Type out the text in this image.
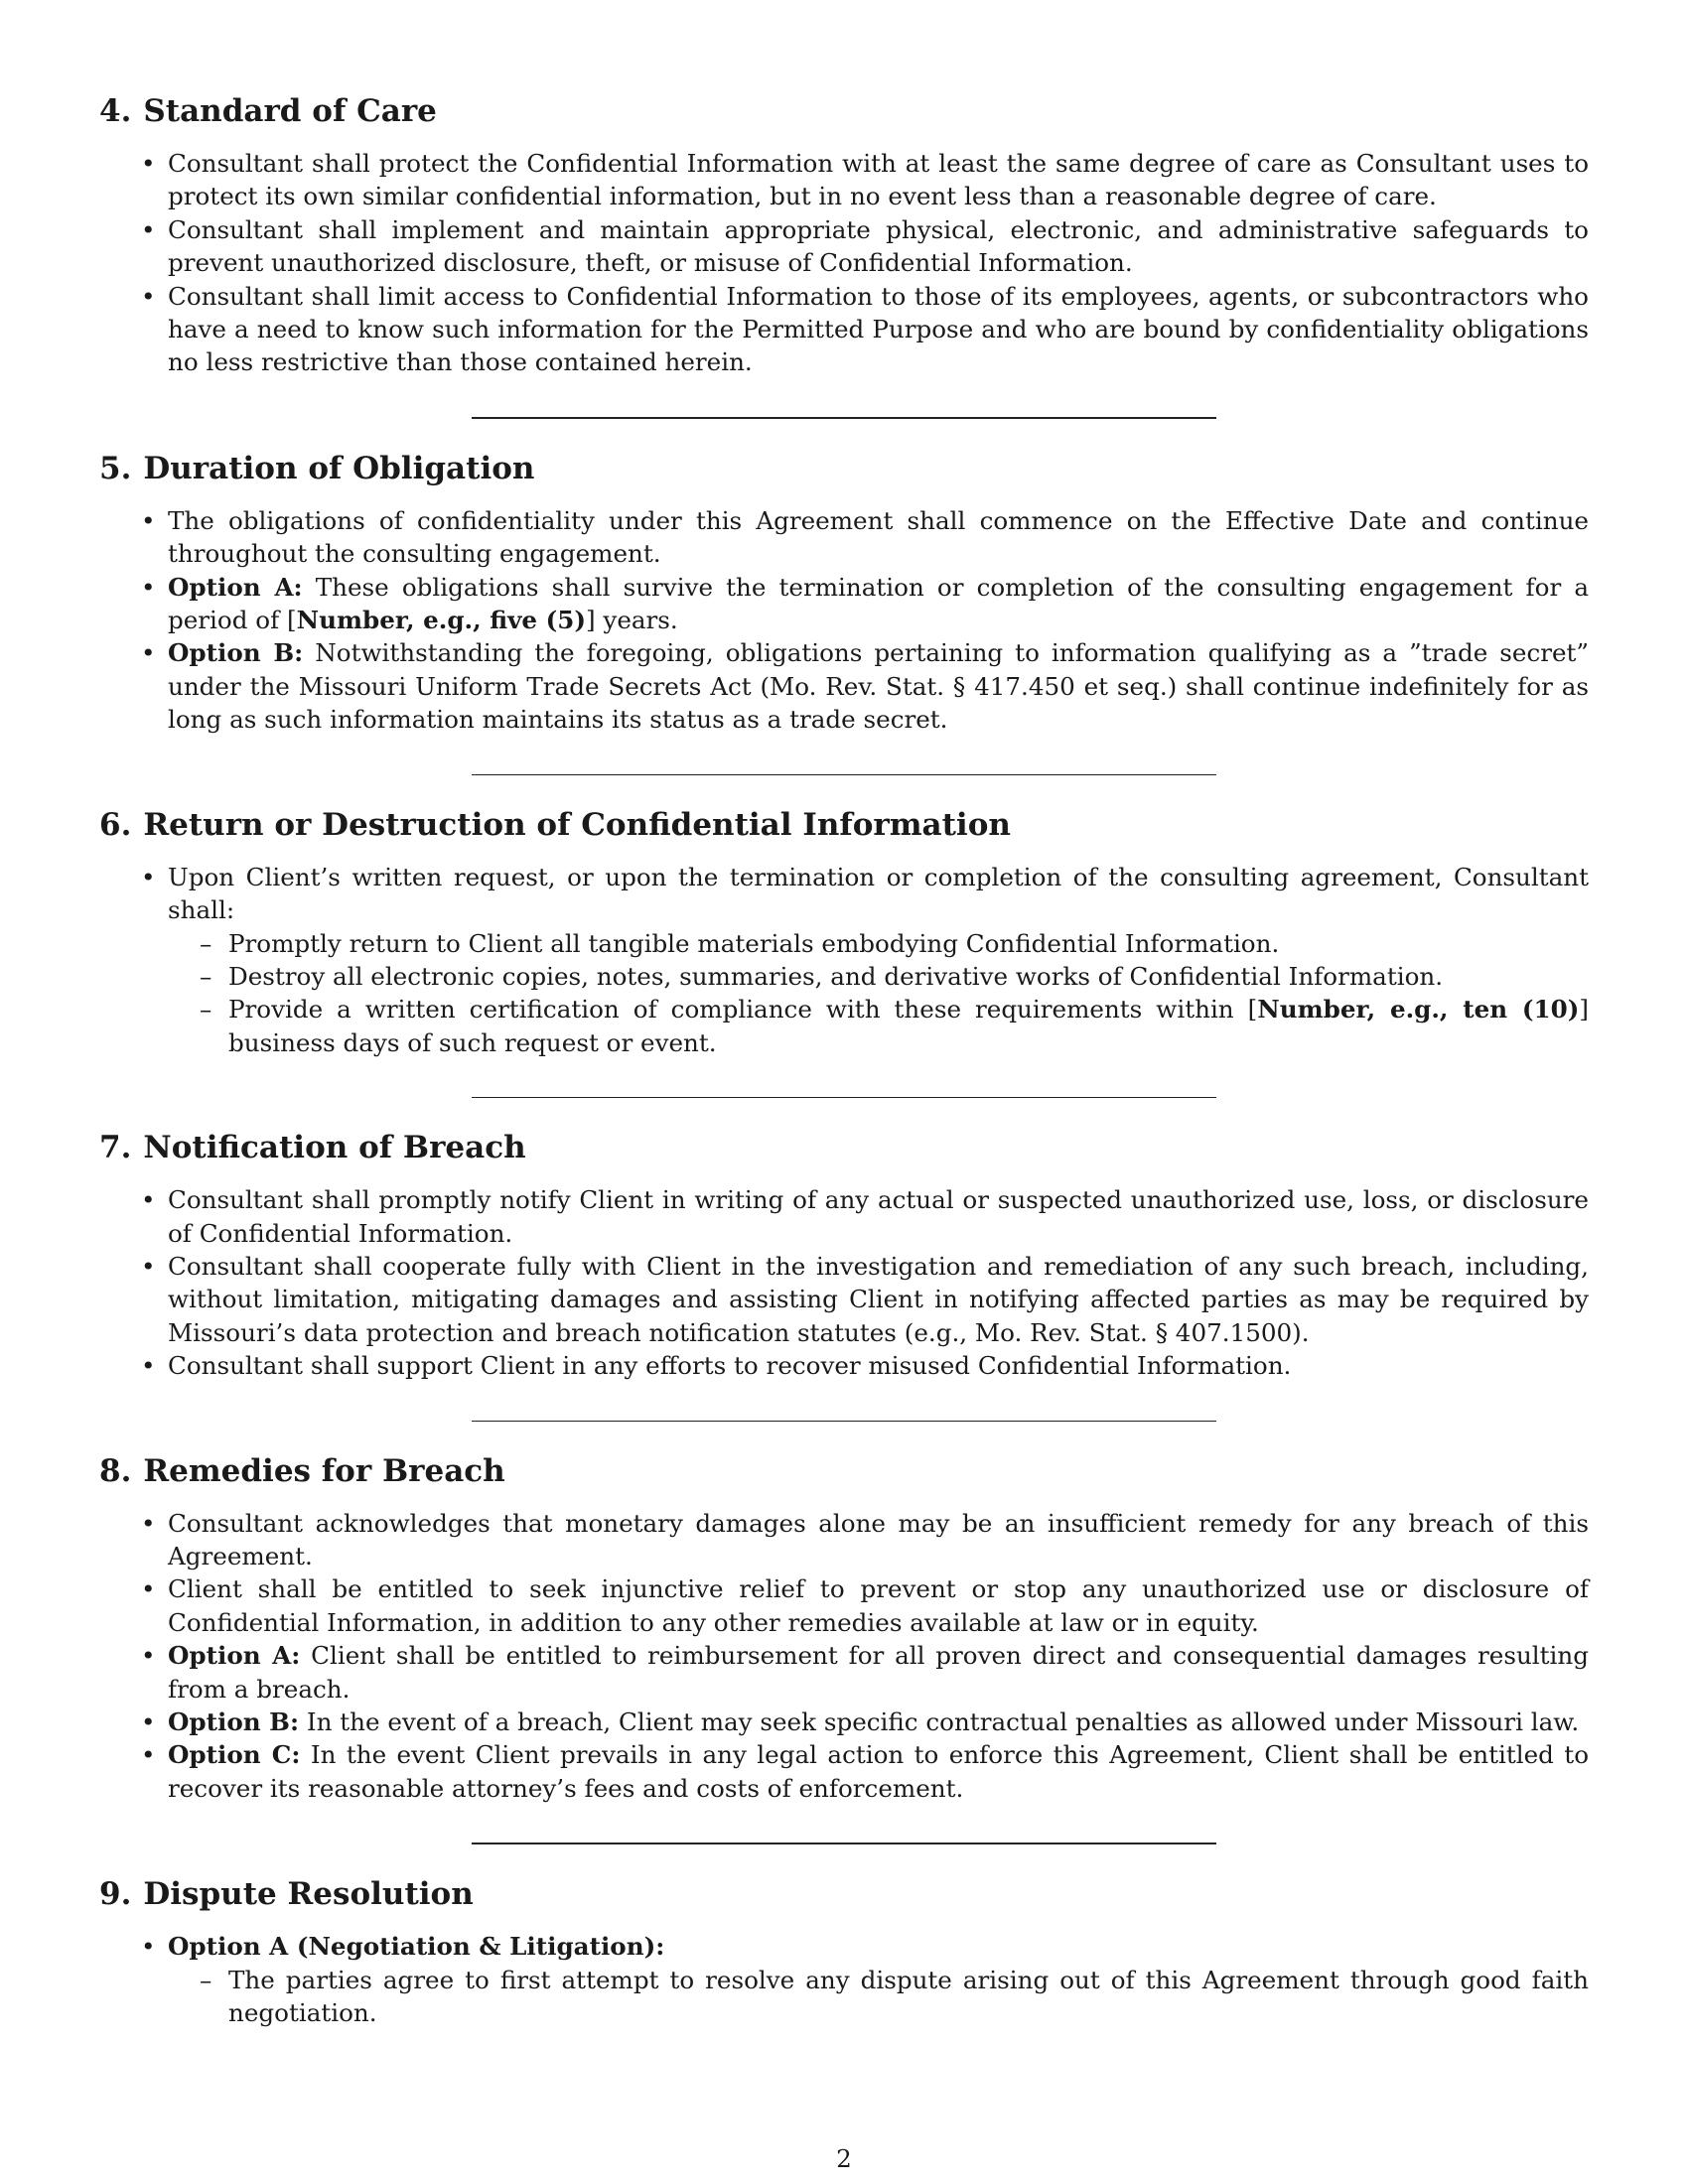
4. Standard of Care
• Consultant shall protect the Confidential Information with at least the same degree of care as Consultant uses to protect its own similar confidential information, but in no event less than a reasonable degree of care.
• Consultant shall implement and maintain appropriate physical, electronic, and administrative safeguards to prevent unauthorized disclosure, theft, or misuse of Confidential Information.
• Consultant shall limit access to Confidential Information to those of its employees, agents, or subcontractors who have a need to know such information for the Permitted Purpose and who are bound by confidentiality obligations no less restrictive than those contained herein.
5. Duration of Obligation
• The obligations of confidentiality under this Agreement shall commence on the Effective Date and continue throughout the consulting engagement.
• Option A: These obligations shall survive the termination or completion of the consulting engagement for a period of [Number, e.g., five (5)] years.
• Option B: Notwithstanding the foregoing, obligations pertaining to information qualifying as a ”trade secret” under the Missouri Uniform Trade Secrets Act (Mo. Rev. Stat. § 417.450 et seq.) shall continue indefinitely for as long as such information maintains its status as a trade secret.
6. Return or Destruction of Confidential Information
• Upon Client’s written request, or upon the termination or completion of the consulting agreement, Consultant shall:
– Promptly return to Client all tangible materials embodying Confidential Information.
– Destroy all electronic copies, notes, summaries, and derivative works of Confidential Information.
– Provide a written certification of compliance with these requirements within [Number, e.g., ten (10)] business days of such request or event.
7. Notification of Breach
• Consultant shall promptly notify Client in writing of any actual or suspected unauthorized use, loss, or disclosure of Confidential Information.
• Consultant shall cooperate fully with Client in the investigation and remediation of any such breach, including, without limitation, mitigating damages and assisting Client in notifying affected parties as may be required by Missouri’s data protection and breach notification statutes (e.g., Mo. Rev. Stat. § 407.1500).
• Consultant shall support Client in any efforts to recover misused Confidential Information.
8. Remedies for Breach
• Consultant acknowledges that monetary damages alone may be an insufficient remedy for any breach of this Agreement.
• Client shall be entitled to seek injunctive relief to prevent or stop any unauthorized use or disclosure of Confidential Information, in addition to any other remedies available at law or in equity.
• Option A: Client shall be entitled to reimbursement for all proven direct and consequential damages resulting from a breach.
• Option B: In the event of a breach, Client may seek specific contractual penalties as allowed under Missouri law.
• Option C: In the event Client prevails in any legal action to enforce this Agreement, Client shall be entitled to recover its reasonable attorney’s fees and costs of enforcement.
9. Dispute Resolution
• Option A (Negotiation & Litigation):
– The parties agree to first attempt to resolve any dispute arising out of this Agreement through good faith negotiation.
2
